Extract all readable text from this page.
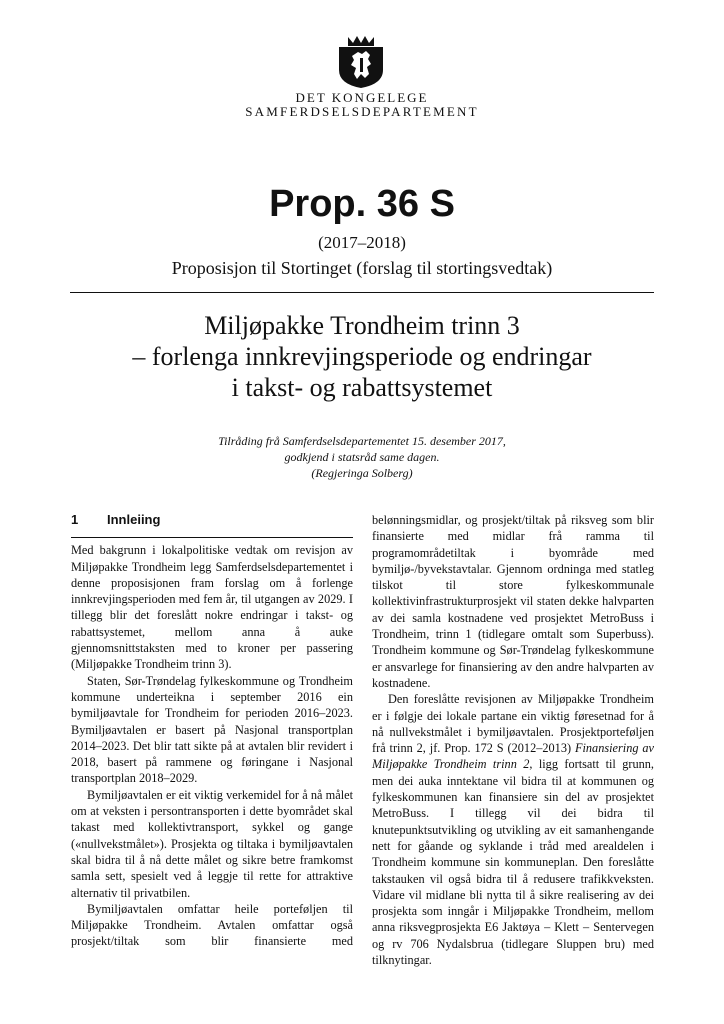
DET KONGELEGE
SAMFERDSELSDEPARTEMENT
Prop. 36 S
(2017–2018)
Proposisjon til Stortinget (forslag til stortingsvedtak)
Miljøpakke Trondheim trinn 3
– forlenga innkrevjingsperiode og endringar
i takst- og rabattsystemet
Tilråding frå Samferdselsdepartementet 15. desember 2017,
godkjend i statsråd same dagen.
(Regjeringa Solberg)
1 Innleiing

Med bakgrunn i lokalpolitiske vedtak om revisjon av Miljøpakke Trondheim legg Samferdselsdepartementet i denne proposisjonen fram forslag om å forlenge innkrevjingsperioden med fem år, til utgangen av 2029. I tillegg blir det foreslått nokre endringar i takst- og rabattsystemet, mellom anna å auke gjennomsnittstaksten med to kroner per passering (Miljøpakke Trondheim trinn 3).

Staten, Sør-Trøndelag fylkeskommune og Trondheim kommune underteikna i september 2016 ein bymiljøavtale for Trondheim for perioden 2016–2023. Bymiljøavtalen er basert på Nasjonal transportplan 2014–2023. Det blir tatt sikte på at avtalen blir revidert i 2018, basert på rammene og føringane i Nasjonal transportplan 2018–2029.

Bymiljøavtalen er eit viktig verkemidel for å nå målet om at veksten i persontransporten i dette byområdet skal takast med kollektivtransport, sykkel og gange («nullvekstmålet»). Prosjekta og tiltaka i bymiljøavtalen skal bidra til å nå dette målet og sikre betre framkomst samla sett, spesielt ved å leggje til rette for attraktive alternativ til privatbilen.

Bymiljøavtalen omfattar heile porteføljen til Miljøpakke Trondheim. Avtalen omfattar også prosjekt/tiltak som blir finansierte med

belønningsmidlar, og prosjekt/tiltak på riksveg som blir finansierte med midlar frå ramma til programområdetiltak i byområde med bymiljø-/byvekstavtalar. Gjennom ordninga med statleg tilskot til store fylkeskommunale kollektivinfrastrukturprosjekt vil staten dekke halvparten av dei samla kostnadene ved prosjektet MetroBuss i Trondheim, trinn 1 (tidlegare omtalt som Superbuss). Trondheim kommune og Sør-Trøndelag fylkeskommune er ansvarlege for finansiering av den andre halvparten av kostnadene.

Den foreslåtte revisjonen av Miljøpakke Trondheim er i følgje dei lokale partane ein viktig føresetnad for å nå nullvekstmålet i bymiljøavtalen. Prosjektporteføljen frå trinn 2, jf. Prop. 172 S (2012–2013) Finansiering av Miljøpakke Trondheim trinn 2, ligg fortsatt til grunn, men dei auka inntektane vil bidra til at kommunen og fylkeskommunen kan finansiere sin del av prosjektet MetroBuss. I tillegg vil dei bidra til knutepunktsutvikling og utvikling av eit samanhengande nett for gåande og syklande i tråd med arealdelen i Trondheim kommune sin kommuneplan. Den foreslåtte takstauken vil også bidra til å redusere trafikkveksten. Vidare vil midlane bli nytta til å sikre realisering av dei prosjekta som inngår i Miljøpakke Trondheim, mellom anna riksvegprosjekta E6 Jaktøya – Klett – Sentervegen og rv 706 Nydalsbrua (tidlegare Sluppen bru) med tilknytingar.
